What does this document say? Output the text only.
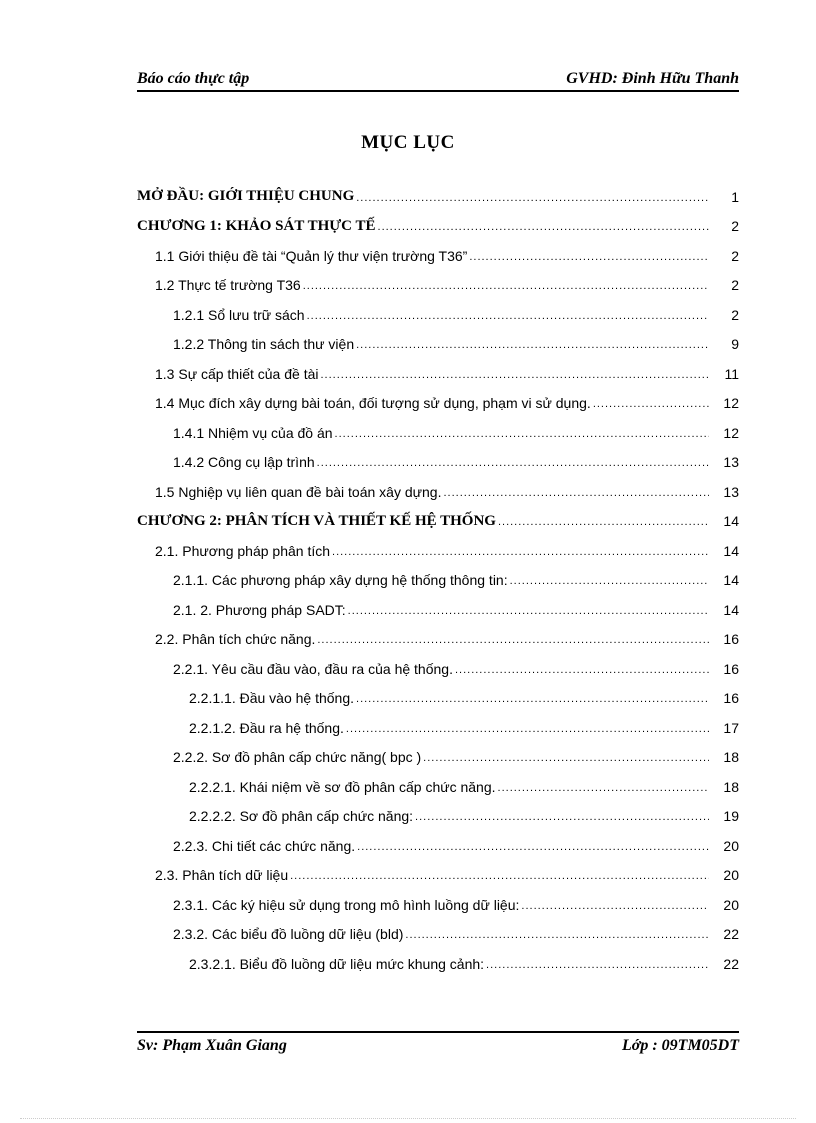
Báo cáo thực tập	GVHD: Đinh Hữu Thanh
MỤC LỤC
MỞ ĐẦU: GIỚI THIỆU CHUNG .....	1
CHƯƠNG 1: KHẢO SÁT THỰC TẾ .....	2
1.1 Giới thiệu đề tài “Quản lý thư viện trường T36” .....	2
1.2 Thực tế trường T36 .....	2
1.2.1 Sổ lưu trữ sách .....	2
1.2.2 Thông tin sách thư viện .....	9
1.3 Sự cấp thiết của đề tài .....	11
1.4 Mục đích xây dựng bài toán, đối tượng sử dụng, phạm vi sử dụng. .....	12
1.4.1 Nhiệm vụ của đồ án .....	12
1.4.2 Công cụ lập trình .....	13
1.5 Nghiệp vụ liên quan đề bài toán xây dựng. .....	13
CHƯƠNG 2: PHÂN TÍCH VÀ THIẾT KẾ HỆ THỐNG .....	14
2.1. Phương pháp phân tích .....	14
2.1.1. Các phương pháp xây dựng hệ thống thông tin: .....	14
2.1. 2. Phương pháp SADT: .....	14
2.2. Phân tích chức năng. .....	16
2.2.1. Yêu cầu đầu vào, đầu ra của hệ thống. .....	16
2.2.1.1. Đầu vào hệ thống. .....	16
2.2.1.2. Đầu ra hệ thống. .....	17
2.2.2. Sơ đồ phân cấp chức năng( bpc ) .....	18
2.2.2.1. Khái niệm về sơ đồ phân cấp chức năng. .....	18
2.2.2.2. Sơ đồ phân cấp chức năng: .....	19
2.2.3. Chi tiết các chức năng. .....	20
2.3. Phân tích dữ liệu .....	20
2.3.1. Các ký hiệu sử dụng trong mô hình luồng dữ liệu: .....	20
2.3.2. Các biểu đồ luồng dữ liệu (bld) .....	22
2.3.2.1. Biểu đồ luồng dữ liệu mức khung cảnh: .....	22
Sv: Phạm Xuân Giang	Lớp : 09TM05DT
